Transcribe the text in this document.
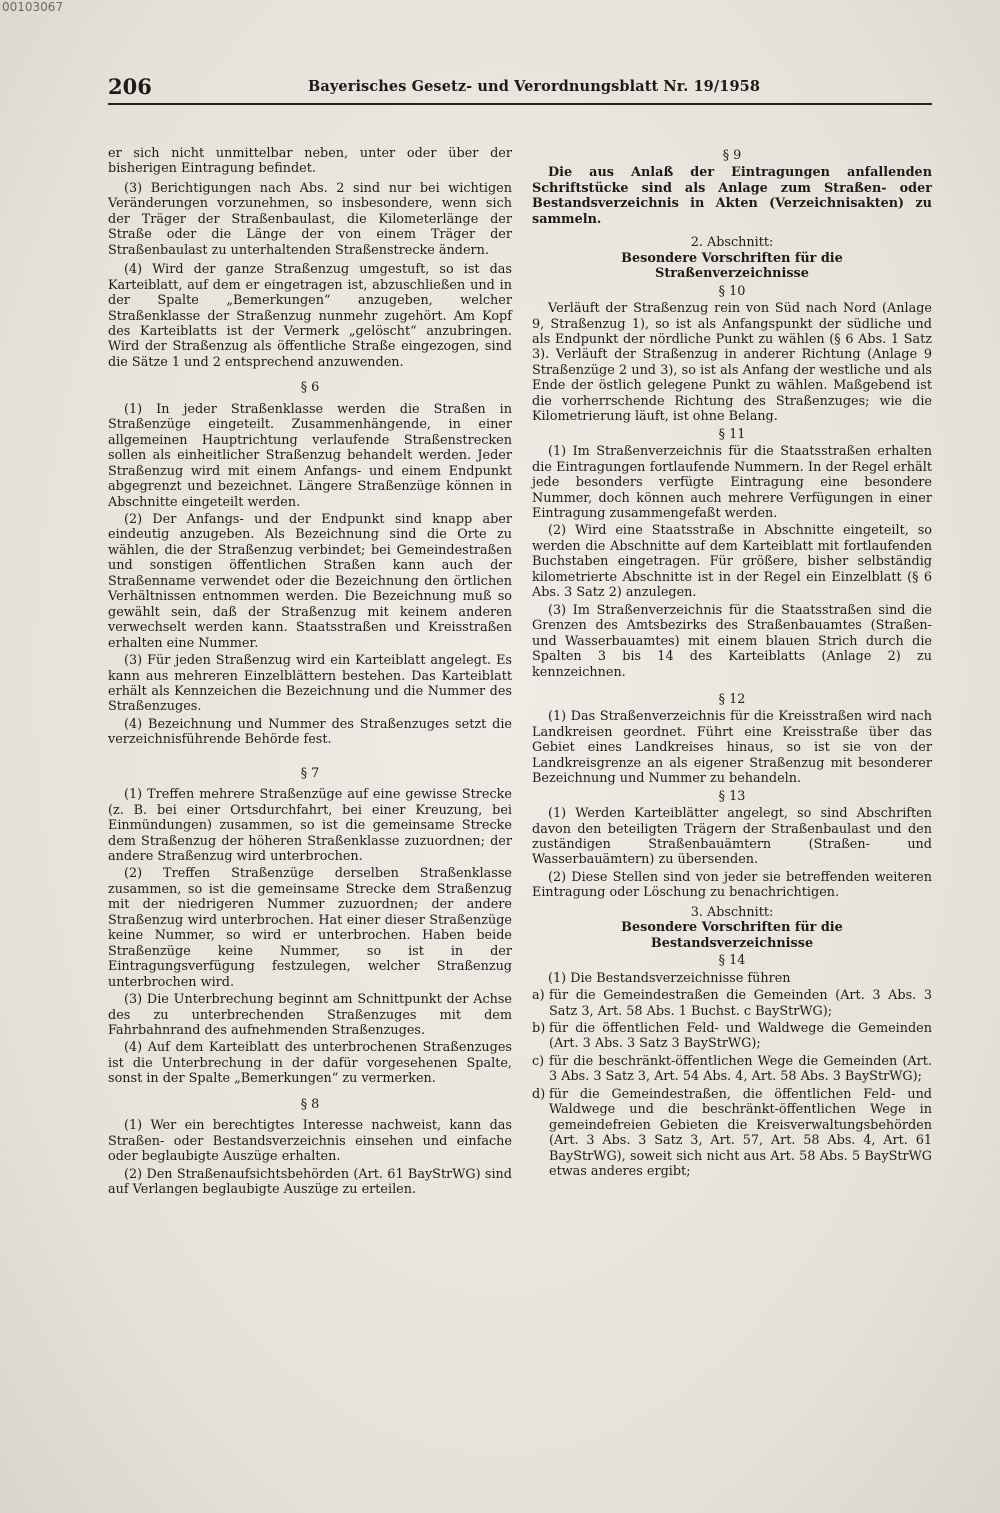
00103067
206	Bayerisches Gesetz- und Verordnungsblatt Nr. 19/1958

er sich nicht unmittelbar neben, unter oder über der bisherigen Eintragung befindet.

(3) Berichtigungen nach Abs. 2 sind nur bei wichtigen Veränderungen vorzunehmen, so insbesondere, wenn sich der Träger der Straßenbaulast, die Kilometerlänge der Straße oder die Länge der von einem Träger der Straßenbaulast zu unterhaltenden Straßenstrecke ändern.

(4) Wird der ganze Straßenzug umgestuft, so ist das Karteiblatt, auf dem er eingetragen ist, abzuschließen und in der Spalte „Bemerkungen“ anzugeben, welcher Straßenklasse der Straßenzug nunmehr zugehört. Am Kopf des Karteiblatts ist der Vermerk „gelöscht“ anzubringen. Wird der Straßenzug als öffentliche Straße eingezogen, sind die Sätze 1 und 2 entsprechend anzuwenden.

§ 6

(1) In jeder Straßenklasse werden die Straßen in Straßenzüge eingeteilt. Zusammenhängende, in einer allgemeinen Hauptrichtung verlaufende Straßenstrecken sollen als einheitlicher Straßenzug behandelt werden. Jeder Straßenzug wird mit einem Anfangs- und einem Endpunkt abgegrenzt und bezeichnet. Längere Straßenzüge können in Abschnitte eingeteilt werden.

(2) Der Anfangs- und der Endpunkt sind knapp aber eindeutig anzugeben. Als Bezeichnung sind die Orte zu wählen, die der Straßenzug verbindet; bei Gemeindestraßen und sonstigen öffentlichen Straßen kann auch der Straßenname verwendet oder die Bezeichnung den örtlichen Verhältnissen entnommen werden. Die Bezeichnung muß so gewählt sein, daß der Straßenzug mit keinem anderen verwechselt werden kann. Staatsstraßen und Kreisstraßen erhalten eine Nummer.

(3) Für jeden Straßenzug wird ein Karteiblatt angelegt. Es kann aus mehreren Einzelblättern bestehen. Das Karteiblatt erhält als Kennzeichen die Bezeichnung und die Nummer des Straßenzuges.

(4) Bezeichnung und Nummer des Straßenzuges setzt die verzeichnisführende Behörde fest.

§ 7

(1) Treffen mehrere Straßenzüge auf eine gewisse Strecke (z. B. bei einer Ortsdurchfahrt, bei einer Kreuzung, bei Einmündungen) zusammen, so ist die gemeinsame Strecke dem Straßenzug der höheren Straßenklasse zuzuordnen; der andere Straßenzug wird unterbrochen.

(2) Treffen Straßenzüge derselben Straßenklasse zusammen, so ist die gemeinsame Strecke dem Straßenzug mit der niedrigeren Nummer zuzuordnen; der andere Straßenzug wird unterbrochen. Hat einer dieser Straßenzüge keine Nummer, so wird er unterbrochen. Haben beide Straßenzüge keine Nummer, so ist in der Eintragungsverfügung festzulegen, welcher Straßenzug unterbrochen wird.

(3) Die Unterbrechung beginnt am Schnittpunkt der Achse des zu unterbrechenden Straßenzuges mit dem Fahrbahnrand des aufnehmenden Straßenzuges.

(4) Auf dem Karteiblatt des unterbrochenen Straßenzuges ist die Unterbrechung in der dafür vorgesehenen Spalte, sonst in der Spalte „Bemerkungen“ zu vermerken.

§ 8

(1) Wer ein berechtigtes Interesse nachweist, kann das Straßen- oder Bestandsverzeichnis einsehen und einfache oder beglaubigte Auszüge erhalten.

(2) Den Straßenaufsichtsbehörden (Art. 61 BayStrWG) sind auf Verlangen beglaubigte Auszüge zu erteilen.

§ 9

Die aus Anlaß der Eintragungen anfallenden Schriftstücke sind als Anlage zum Straßen- oder Bestandsverzeichnis in Akten (Verzeichnisakten) zu sammeln.

2. Abschnitt:
Besondere Vorschriften für die Straßenverzeichnisse
§ 10

Verläuft der Straßenzug rein von Süd nach Nord (Anlage 9, Straßenzug 1), so ist als Anfangspunkt der südliche und als Endpunkt der nördliche Punkt zu wählen (§ 6 Abs. 1 Satz 3). Verläuft der Straßenzug in anderer Richtung (Anlage 9 Straßenzüge 2 und 3), so ist als Anfang der westliche und als Ende der östlich gelegene Punkt zu wählen. Maßgebend ist die vorherrschende Richtung des Straßenzuges; wie die Kilometrierung läuft, ist ohne Belang.

§ 11

(1) Im Straßenverzeichnis für die Staatsstraßen erhalten die Eintragungen fortlaufende Nummern. In der Regel erhält jede besonders verfügte Eintragung eine besondere Nummer, doch können auch mehrere Verfügungen in einer Eintragung zusammengefaßt werden.

(2) Wird eine Staatsstraße in Abschnitte eingeteilt, so werden die Abschnitte auf dem Karteiblatt mit fortlaufenden Buchstaben eingetragen. Für größere, bisher selbständig kilometrierte Abschnitte ist in der Regel ein Einzelblatt (§ 6 Abs. 3 Satz 2) anzulegen.

(3) Im Straßenverzeichnis für die Staatsstraßen sind die Grenzen des Amtsbezirks des Straßenbauamtes (Straßen- und Wasserbauamtes) mit einem blauen Strich durch die Spalten 3 bis 14 des Karteiblatts (Anlage 2) zu kennzeichnen.

§ 12

(1) Das Straßenverzeichnis für die Kreisstraßen wird nach Landkreisen geordnet. Führt eine Kreisstraße über das Gebiet eines Landkreises hinaus, so ist sie von der Landkreisgrenze an als eigener Straßenzug mit besonderer Bezeichnung und Nummer zu behandeln.

§ 13

(1) Werden Karteiblätter angelegt, so sind Abschriften davon den beteiligten Trägern der Straßenbaulast und den zuständigen Straßenbauämtern (Straßen- und Wasserbauämtern) zu übersenden.

(2) Diese Stellen sind von jeder sie betreffenden weiteren Eintragung oder Löschung zu benachrichtigen.

3. Abschnitt:
Besondere Vorschriften für die Bestandsverzeichnisse
§ 14

(1) Die Bestandsverzeichnisse führen

a) für die Gemeindestraßen die Gemeinden (Art. 3 Abs. 3 Satz 3, Art. 58 Abs. 1 Buchst. c BayStrWG);
b) für die öffentlichen Feld- und Waldwege die Gemeinden (Art. 3 Abs. 3 Satz 3 BayStrWG);
c) für die beschränkt-öffentlichen Wege die Gemeinden (Art. 3 Abs. 3 Satz 3, Art. 54 Abs. 4, Art. 58 Abs. 3 BayStrWG);
d) für die Gemeindestraßen, die öffentlichen Feld- und Waldwege und die beschränkt-öffentlichen Wege in gemeindefreien Gebieten die Kreisverwaltungsbehörden (Art. 3 Abs. 3 Satz 3, Art. 57, Art. 58 Abs. 4, Art. 61 BayStrWG), soweit sich nicht aus Art. 58 Abs. 5 BayStrWG etwas anderes ergibt;
